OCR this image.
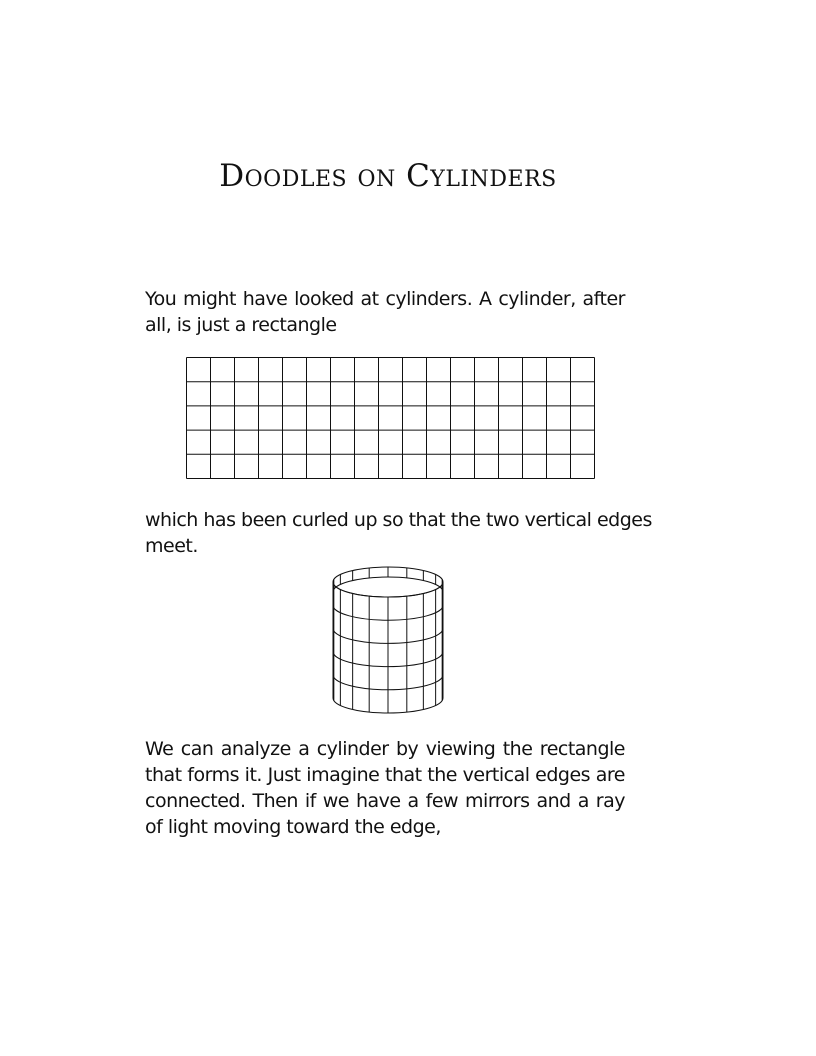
Doodles on Cylinders

You might have looked at cylinders. A cylinder, after
all, is just a rectangle

which has been curled up so that the two vertical edges
meet.

We can analyze a cylinder by viewing the rectangle
that forms it. Just imagine that the vertical edges are
connected. Then if we have a few mirrors and a ray
of light moving toward the edge,
